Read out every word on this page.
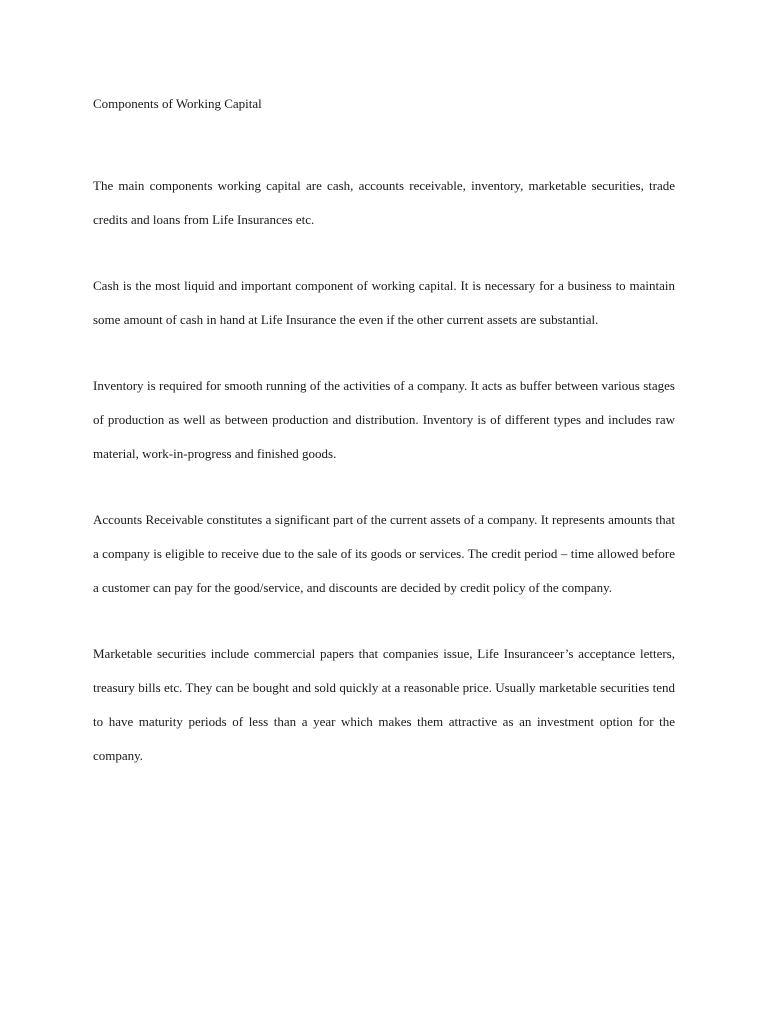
Components of Working Capital

The main components working capital are cash, accounts receivable, inventory, marketable securities, trade credits and loans from Life Insurances etc.

Cash is the most liquid and important component of working capital. It is necessary for a business to maintain some amount of cash in hand at Life Insurance the even if the other current assets are substantial.

Inventory is required for smooth running of the activities of a company. It acts as buffer between various stages of production as well as between production and distribution. Inventory is of different types and includes raw material, work-in-progress and finished goods.

Accounts Receivable constitutes a significant part of the current assets of a company. It represents amounts that a company is eligible to receive due to the sale of its goods or services. The credit period – time allowed before a customer can pay for the good/service, and discounts are decided by credit policy of the company.

Marketable securities include commercial papers that companies issue, Life Insuranceer’s acceptance letters, treasury bills etc. They can be bought and sold quickly at a reasonable price. Usually marketable securities tend to have maturity periods of less than a year which makes them attractive as an investment option for the company.
